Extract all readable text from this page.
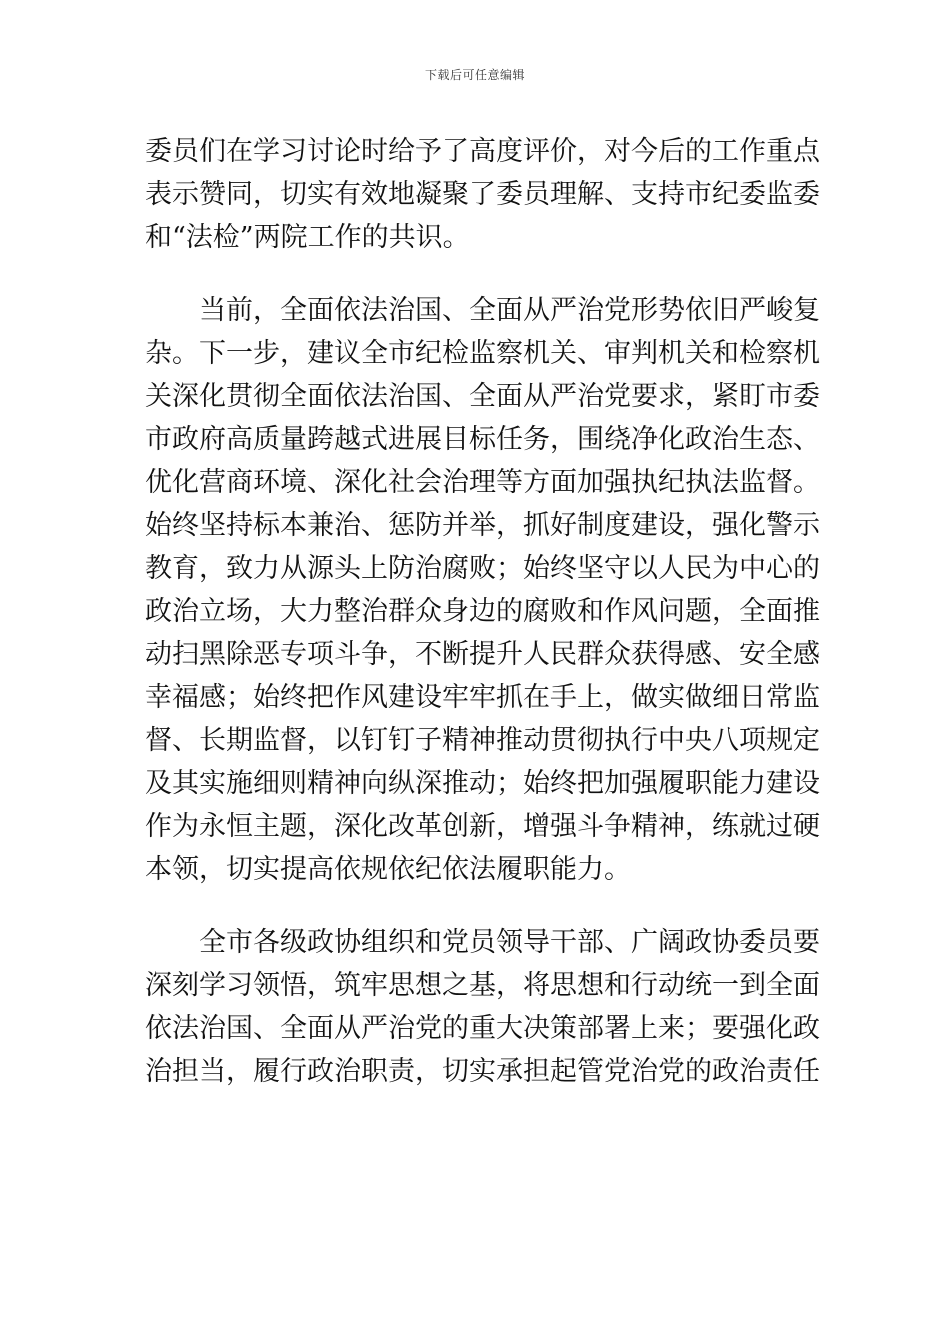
下载后可任意编辑
委员们在学习讨论时给予了高度评价，对今后的工作重点
表示赞同，切实有效地凝聚了委员理解、支持市纪委监委
和“法检”两院工作的共识。
当前，全面依法治国、全面从严治党形势依旧严峻复
杂。下一步，建议全市纪检监察机关、审判机关和检察机
关深化贯彻全面依法治国、全面从严治党要求，紧盯市委
市政府高质量跨越式进展目标任务，围绕净化政治生态、
优化营商环境、深化社会治理等方面加强执纪执法监督。
始终坚持标本兼治、惩防并举，抓好制度建设，强化警示
教育，致力从源头上防治腐败；始终坚守以人民为中心的
政治立场，大力整治群众身边的腐败和作风问题，全面推
动扫黑除恶专项斗争，不断提升人民群众获得感、安全感
幸福感；始终把作风建设牢牢抓在手上，做实做细日常监
督、长期监督，以钉钉子精神推动贯彻执行中央八项规定
及其实施细则精神向纵深推动；始终把加强履职能力建设
作为永恒主题，深化改革创新，增强斗争精神，练就过硬
本领，切实提高依规依纪依法履职能力。
全市各级政协组织和党员领导干部、广阔政协委员要
深刻学习领悟，筑牢思想之基，将思想和行动统一到全面
依法治国、全面从严治党的重大决策部署上来；要强化政
治担当，履行政治职责，切实承担起管党治党的政治责任
